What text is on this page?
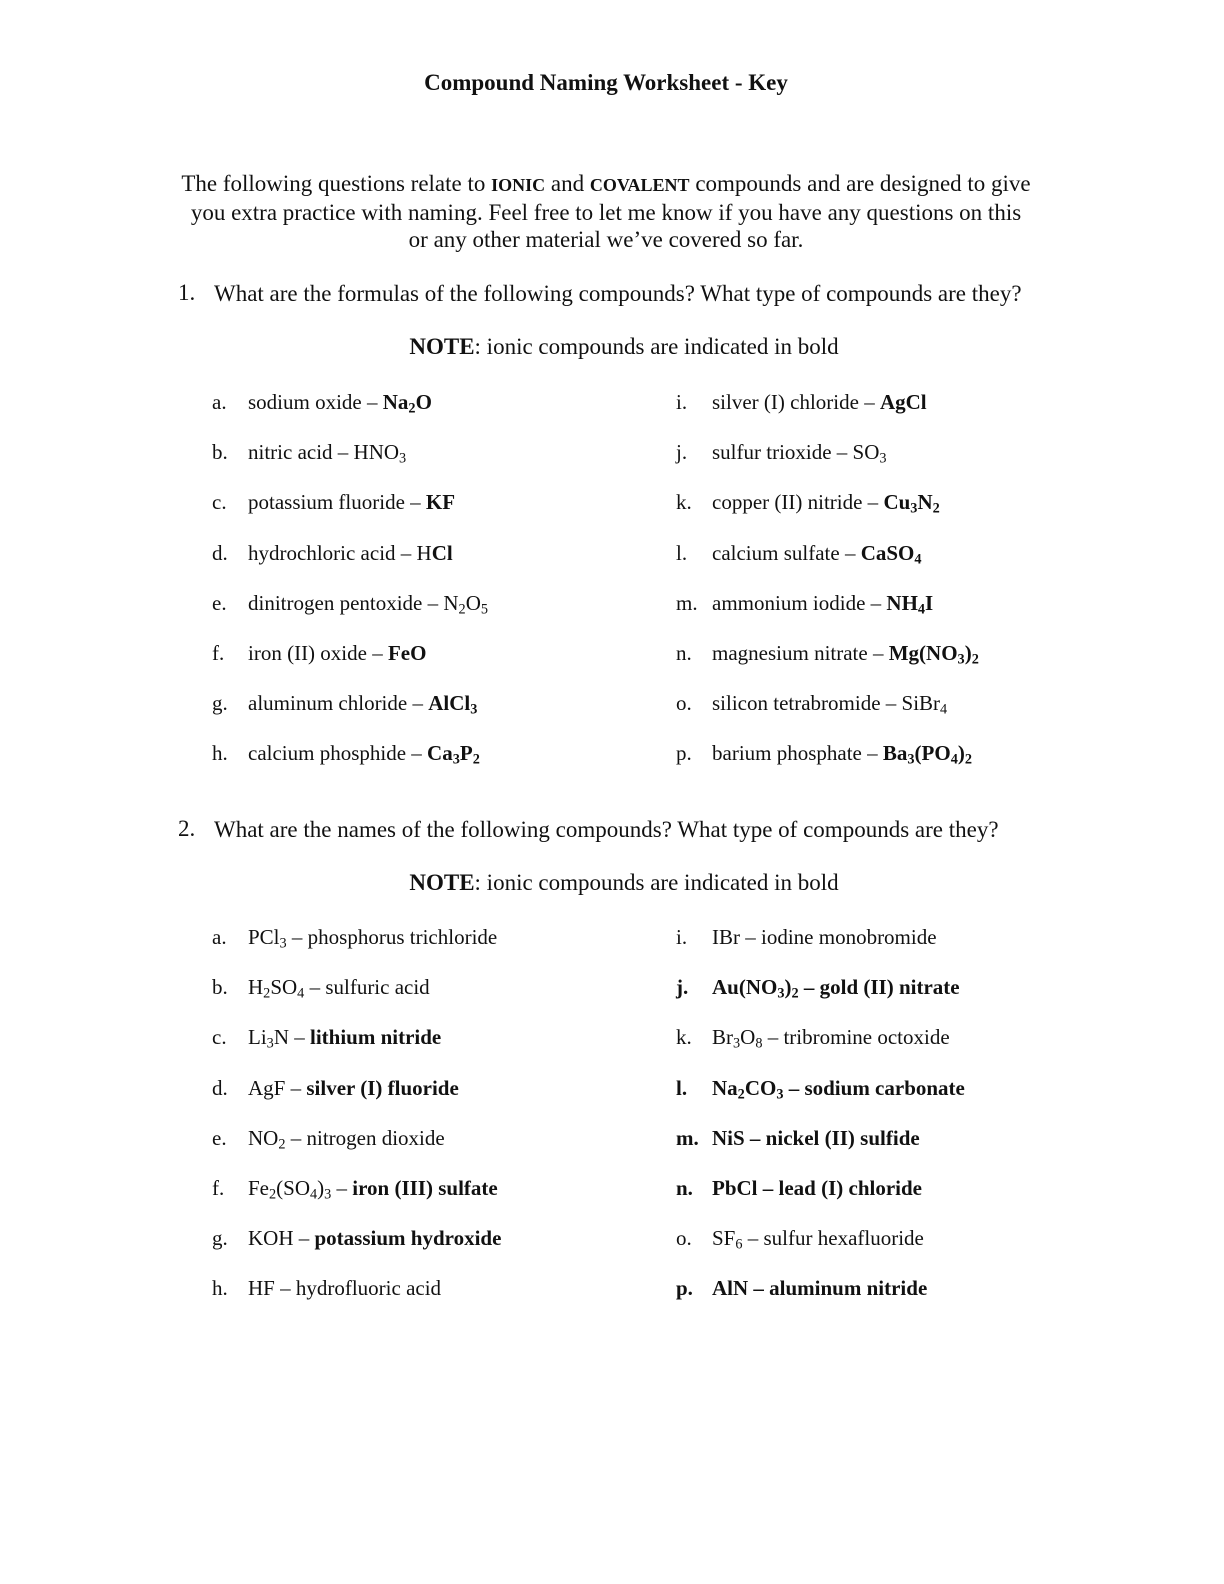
Compound Naming Worksheet - Key
The following questions relate to IONIC and COVALENT compounds and are designed to give you extra practice with naming. Feel free to let me know if you have any questions on this or any other material we’ve covered so far.
1. What are the formulas of the following compounds? What type of compounds are they?
NOTE: ionic compounds are indicated in bold
a.	sodium oxide – $Na_2O$
b. nitric acid – $HNO_3$
c.	potassium fluoride – KF
d. hydrochloric acid – HCl
e.	dinitrogen pentoxide – $N_2O_5$
f.	iron (II) oxide – FeO
g. aluminum chloride – AlCl$_3$
h. calcium phosphide – $Ca_3P_2$
i.	silver (I) chloride – AgCl
j.	sulfur trioxide – $SO_3$
k. copper (II) nitride – $Cu_3N_2$
l.	calcium sulfate – CaSO$_4$
m. ammonium iodide – $NH_4I$
n. magnesium nitrate – $Mg(NO_3)_2$
o. silicon tetrabromide – SiBr$_4$
p. barium phosphate – $Ba_3(PO_4)_2$
2. What are the names of the following compounds? What type of compounds are they?
NOTE: ionic compounds are indicated in bold
a.	PCl$_3$ – phosphorus trichloride
b. $H_2SO_4$ – sulfuric acid
c.	$Li_3N$ – lithium nitride
d. AgF – silver (I) fluoride
e.	$NO_2$ – nitrogen dioxide
f.	$Fe_2(SO_4)_3$ – iron (III) sulfate
g. KOH – potassium hydroxide
h. HF – hydrofluoric acid
i.	IBr – iodine monobromide
j.	$Au(NO_3)_2$ – gold (II) nitrate
k. $Br_3O_8$ – tribromine octoxide
l.	$Na_2CO_3$ – sodium carbonate
m. NiS – nickel (II) sulfide
n. PbCl – lead (I) chloride
o. $SF_6$ – sulfur hexafluoride
p. AlN – aluminum nitride
